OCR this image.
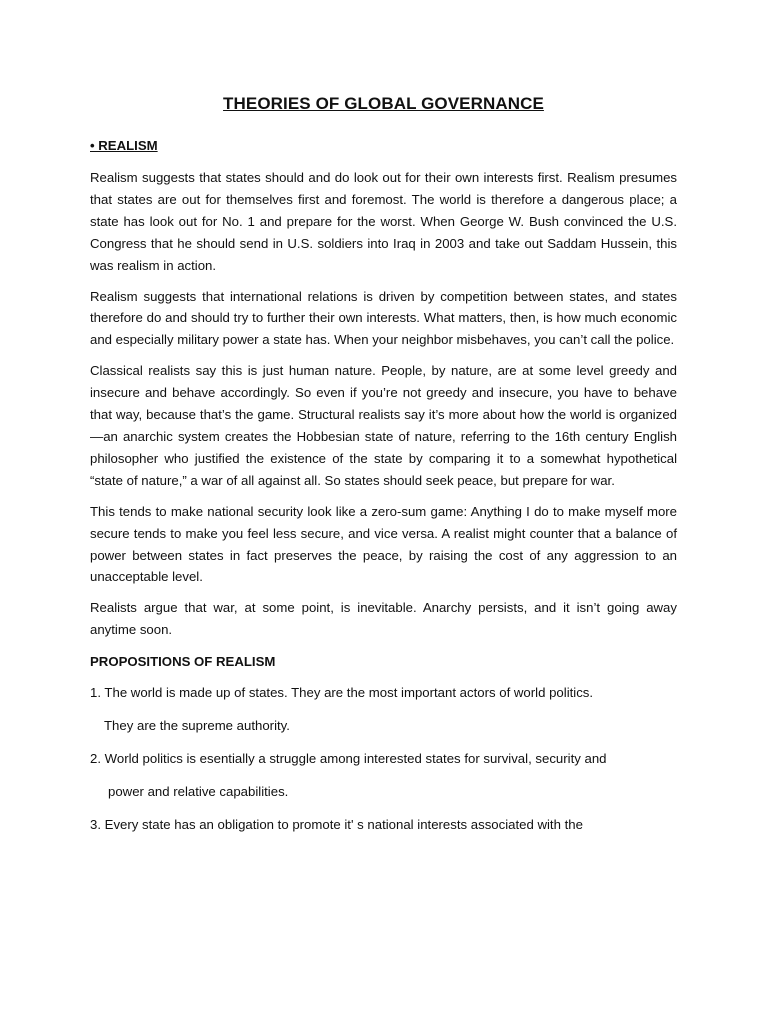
THEORIES OF GLOBAL GOVERNANCE
• REALISM

Realism suggests that states should and do look out for their own interests first. Realism presumes that states are out for themselves first and foremost. The world is therefore a dangerous place; a state has look out for No. 1 and prepare for the worst. When George W. Bush convinced the U.S. Congress that he should send in U.S. soldiers into Iraq in 2003 and take out Saddam Hussein, this was realism in action.

Realism suggests that international relations is driven by competition between states, and states therefore do and should try to further their own interests. What matters, then, is how much economic and especially military power a state has. When your neighbor misbehaves, you can’t call the police.

Classical realists say this is just human nature. People, by nature, are at some level greedy and insecure and behave accordingly. So even if you’re not greedy and insecure, you have to behave that way, because that’s the game. Structural realists say it’s more about how the world is organized—an anarchic system creates the Hobbesian state of nature, referring to the 16th century English philosopher who justified the existence of the state by comparing it to a somewhat hypothetical “state of nature,” a war of all against all. So states should seek peace, but prepare for war.

This tends to make national security look like a zero-sum game: Anything I do to make myself more secure tends to make you feel less secure, and vice versa. A realist might counter that a balance of power between states in fact preserves the peace, by raising the cost of any aggression to an unacceptable level.

Realists argue that war, at some point, is inevitable. Anarchy persists, and it isn’t going away anytime soon.

PROPOSITIONS OF REALISM
1. The world is made up of states. They are the most important actors of world politics.
They are the supreme authority.
2. World politics is esentially a struggle among interested states for survival, security and
power and relative capabilities.
3. Every state has an obligation to promote it' s national interests associated with the
